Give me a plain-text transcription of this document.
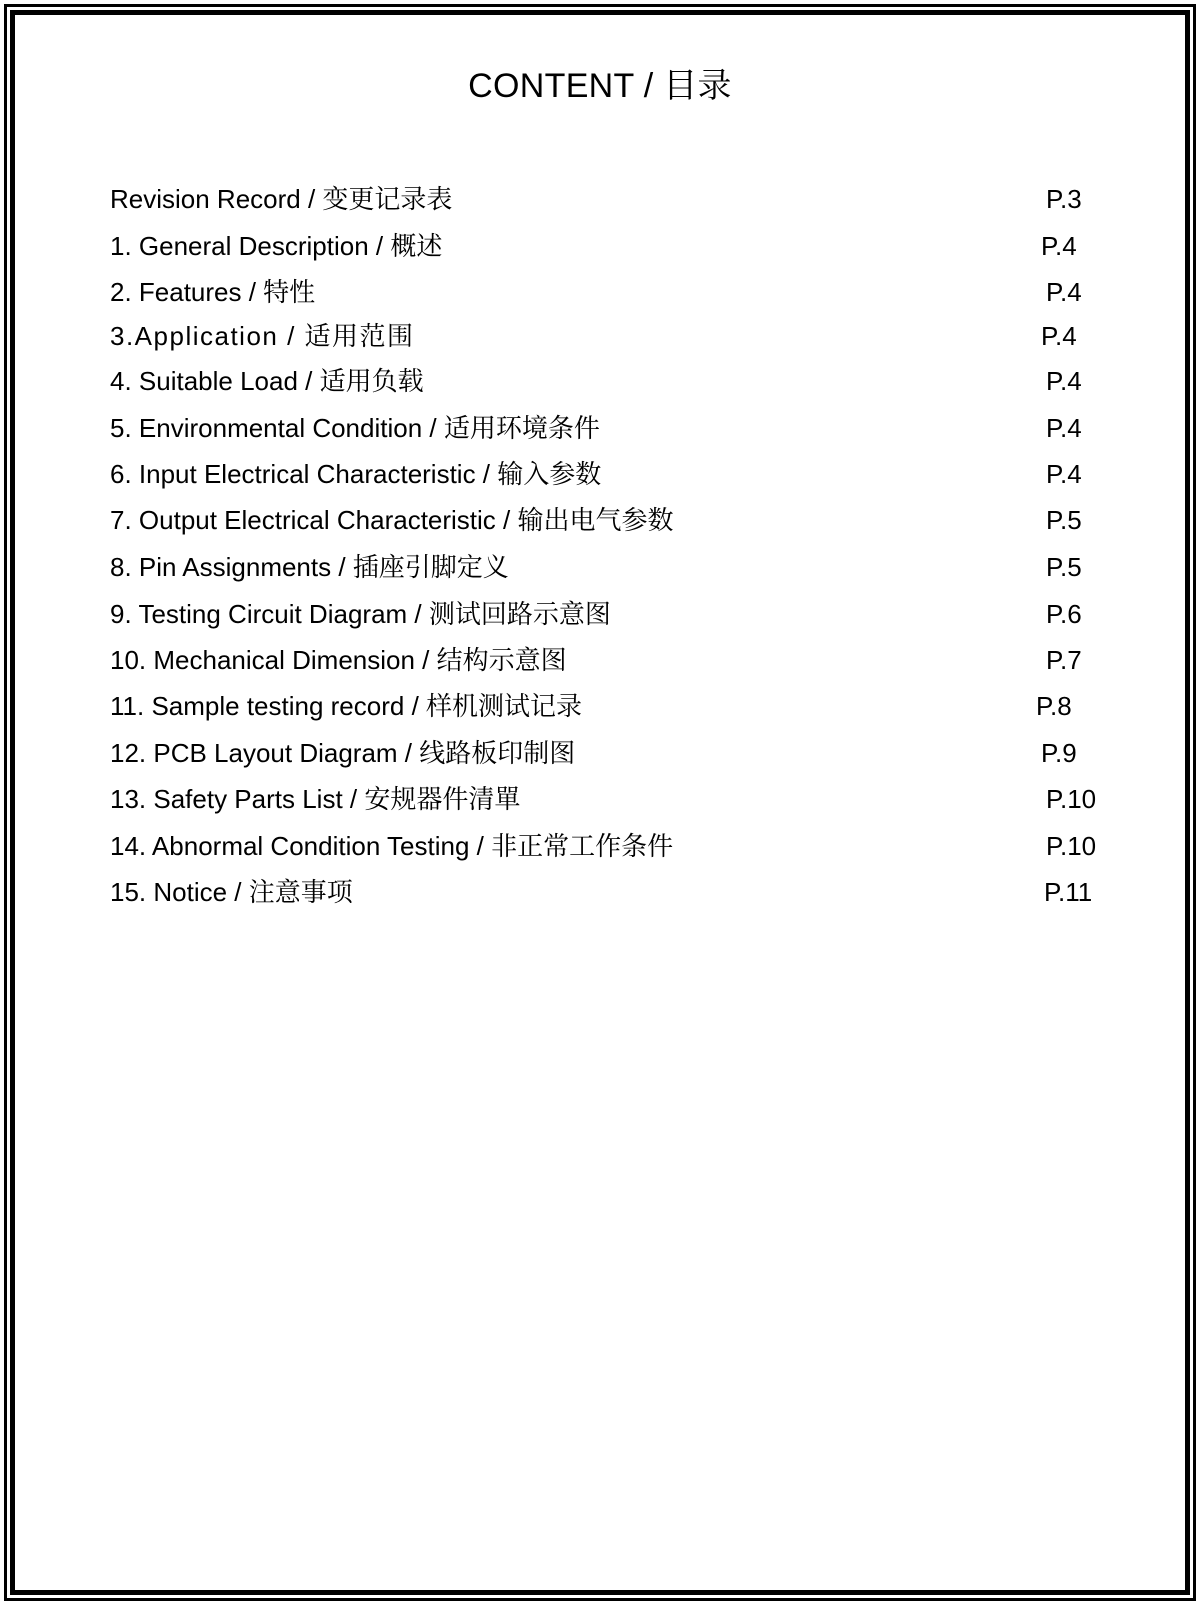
CONTENT / 目录
Revision Record / 变更记录表	P.3
1. General Description / 概述	P.4
2. Features / 特性	P.4
3.Application / 适用范围	P.4
4. Suitable Load / 适用负载	P.4
5. Environmental Condition / 适用环境条件	P.4
6. Input Electrical Characteristic / 输入参数	P.4
7. Output Electrical Characteristic / 输出电气参数	P.5
8. Pin Assignments / 插座引脚定义	P.5
9. Testing Circuit Diagram / 测试回路示意图	P.6
10. Mechanical Dimension / 结构示意图	P.7
11. Sample testing record / 样机测试记录	P.8
12. PCB Layout Diagram / 线路板印制图	P.9
13. Safety Parts List / 安规器件清單	P.10
14. Abnormal Condition Testing / 非正常工作条件	P.10
15. Notice / 注意事项	P.11
